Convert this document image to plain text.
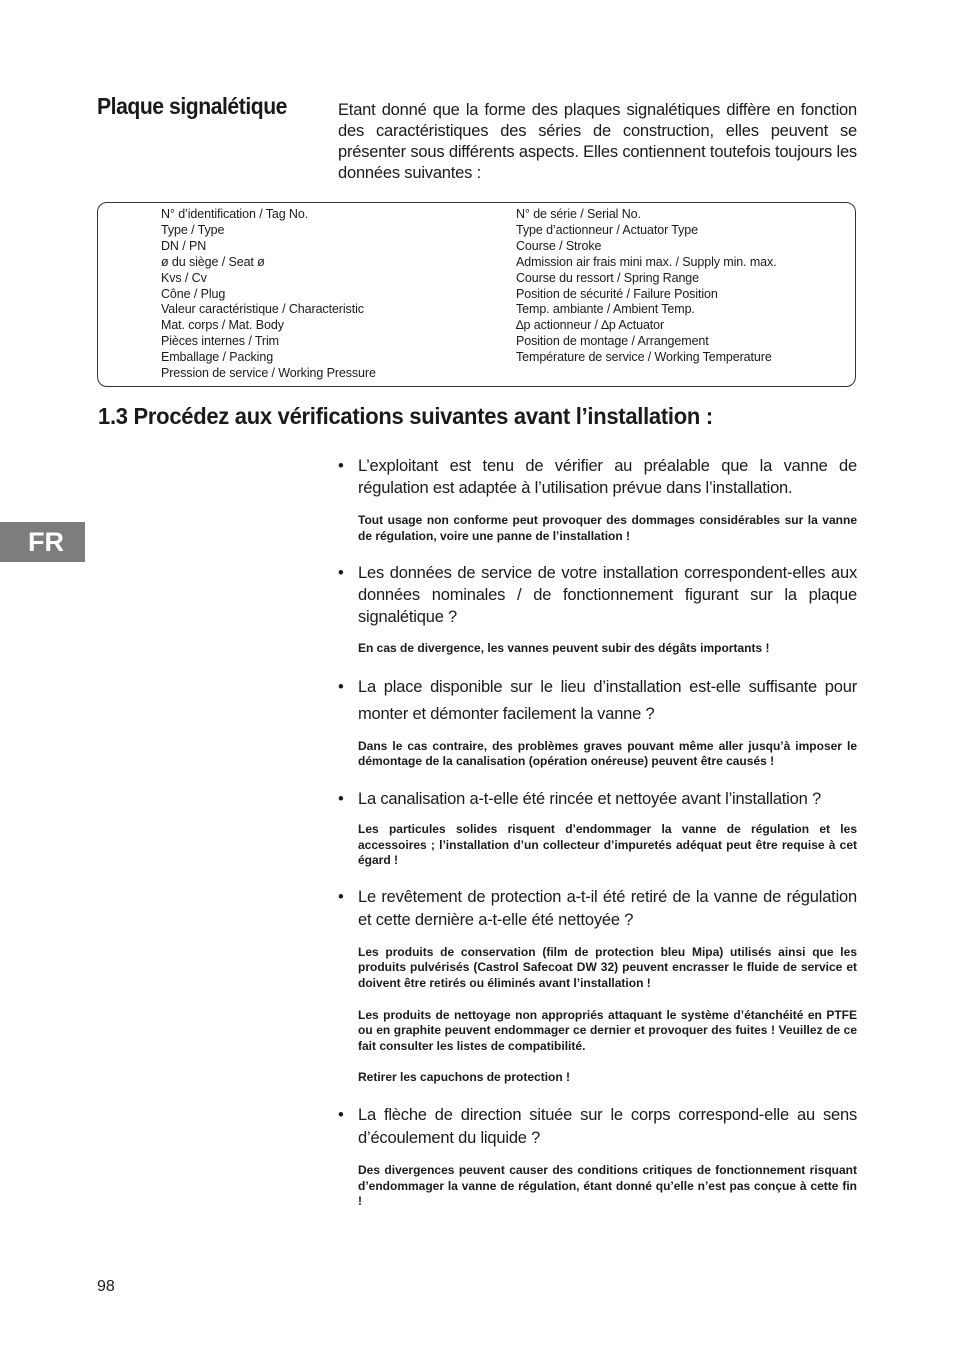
Plaque signalétique	Etant donné que la forme des plaques signalétiques diffère en fonction des caractéristiques des séries de construction, elles peuvent se présenter sous différents aspects. Elles contiennent toutefois toujours les données suivantes :
N° d’identification / Tag No.
Type / Type
DN / PN
ø du siège / Seat ø
Kvs / Cv
Cône / Plug
Valeur caractéristique / Characteristic
Mat. corps / Mat. Body
Pièces internes / Trim
Emballage / Packing
Pression de service / Working Pressure
N° de série / Serial No.
Type d’actionneur / Actuator Type
Course / Stroke
Admission air frais mini max. / Supply min. max.
Course du ressort / Spring Range
Position de sécurité / Failure Position
Temp. ambiante / Ambient Temp.
∆p actionneur / ∆p Actuator
Position de montage / Arrangement
Température de service / Working Temperature
1.3 Procédez aux vérifications suivantes avant l’installation :
FR
• L’exploitant est tenu de vérifier au préalable que la vanne de régulation est adaptée à l’utilisation prévue dans l’installation.
Tout usage non conforme peut provoquer des dommages considérables sur la vanne de régulation, voire une panne de l’installation !
• Les données de service de votre installation correspondent-elles aux données nominales / de fonctionnement figurant sur la plaque signalétique ?
En cas de divergence, les vannes peuvent subir des dégâts importants !
• La place disponible sur le lieu d’installation est-elle suffisante pour monter et démonter facilement la vanne ?
Dans le cas contraire, des problèmes graves pouvant même aller jusqu’à imposer le démontage de la canalisation (opération onéreuse) peuvent être causés !
• La canalisation a-t-elle été rincée et nettoyée avant l’installation ?
Les particules solides risquent d’endommager la vanne de régulation et les accessoires ; l’installation d’un collecteur d’impuretés adéquat peut être requise à cet égard !
• Le revêtement de protection a-t-il été retiré de la vanne de régulation et cette dernière a-t-elle été nettoyée ?
Les produits de conservation (film de protection bleu Mipa) utilisés ainsi que les produits pulvérisés (Castrol Safecoat DW 32) peuvent encrasser le fluide de service et doivent être retirés ou éliminés avant l’installation !
Les produits de nettoyage non appropriés attaquant le système d’étanchéité en PTFE ou en graphite peuvent endommager ce dernier et provoquer des fuites ! Veuillez de ce fait consulter les listes de compatibilité.
Retirer les capuchons de protection !
• La flèche de direction située sur le corps correspond-elle au sens d’écoulement du liquide ?
Des divergences peuvent causer des conditions critiques de fonctionnement risquant d’endommager la vanne de régulation, étant donné qu’elle n’est pas conçue à cette fin !
98
